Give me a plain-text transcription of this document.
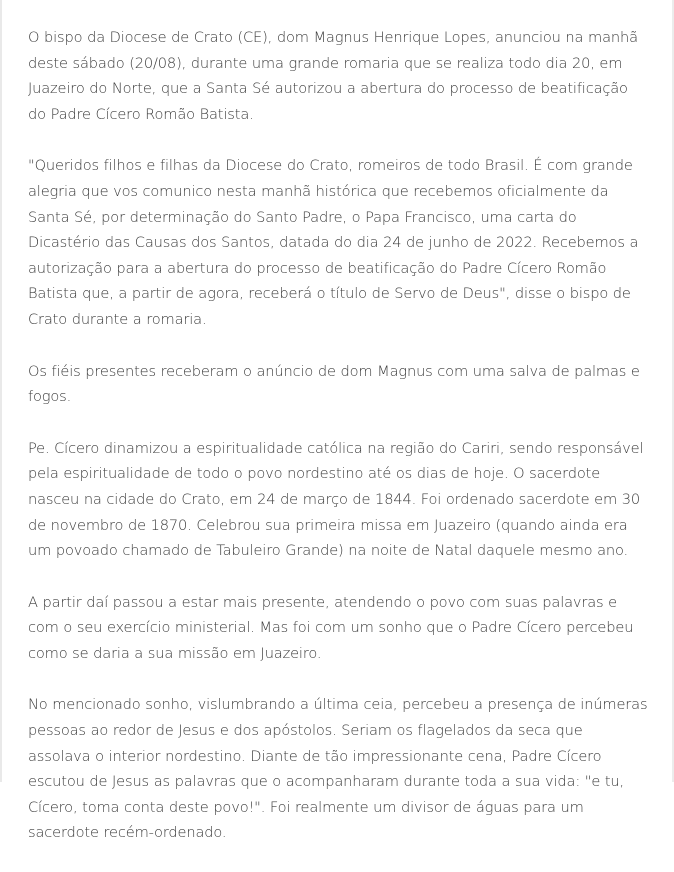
O bispo da Diocese de Crato (CE), dom Magnus Henrique Lopes, anunciou na manhã deste sábado (20/08), durante uma grande romaria que se realiza todo dia 20, em Juazeiro do Norte, que a Santa Sé autorizou a abertura do processo de beatificação do Padre Cícero Romão Batista.

"Queridos filhos e filhas da Diocese do Crato, romeiros de todo Brasil. É com grande alegria que vos comunico nesta manhã histórica que recebemos oficialmente da Santa Sé, por determinação do Santo Padre, o Papa Francisco, uma carta do Dicastério das Causas dos Santos, datada do dia 24 de junho de 2022. Recebemos a autorização para a abertura do processo de beatificação do Padre Cícero Romão Batista que, a partir de agora, receberá o título de Servo de Deus", disse o bispo de Crato durante a romaria.

Os fiéis presentes receberam o anúncio de dom Magnus com uma salva de palmas e fogos.

Pe. Cícero dinamizou a espiritualidade católica na região do Cariri, sendo responsável pela espiritualidade de todo o povo nordestino até os dias de hoje. O sacerdote nasceu na cidade do Crato, em 24 de março de 1844. Foi ordenado sacerdote em 30 de novembro de 1870. Celebrou sua primeira missa em Juazeiro (quando ainda era um povoado chamado de Tabuleiro Grande) na noite de Natal daquele mesmo ano.

A partir daí passou a estar mais presente, atendendo o povo com suas palavras e com o seu exercício ministerial. Mas foi com um sonho que o Padre Cícero percebeu como se daria a sua missão em Juazeiro.

No mencionado sonho, vislumbrando a última ceia, percebeu a presença de inúmeras pessoas ao redor de Jesus e dos apóstolos. Seriam os flagelados da seca que assolava o interior nordestino. Diante de tão impressionante cena, Padre Cícero escutou de Jesus as palavras que o acompanharam durante toda a sua vida: "e tu, Cícero, toma conta deste povo!". Foi realmente um divisor de águas para um sacerdote recém-ordenado.
